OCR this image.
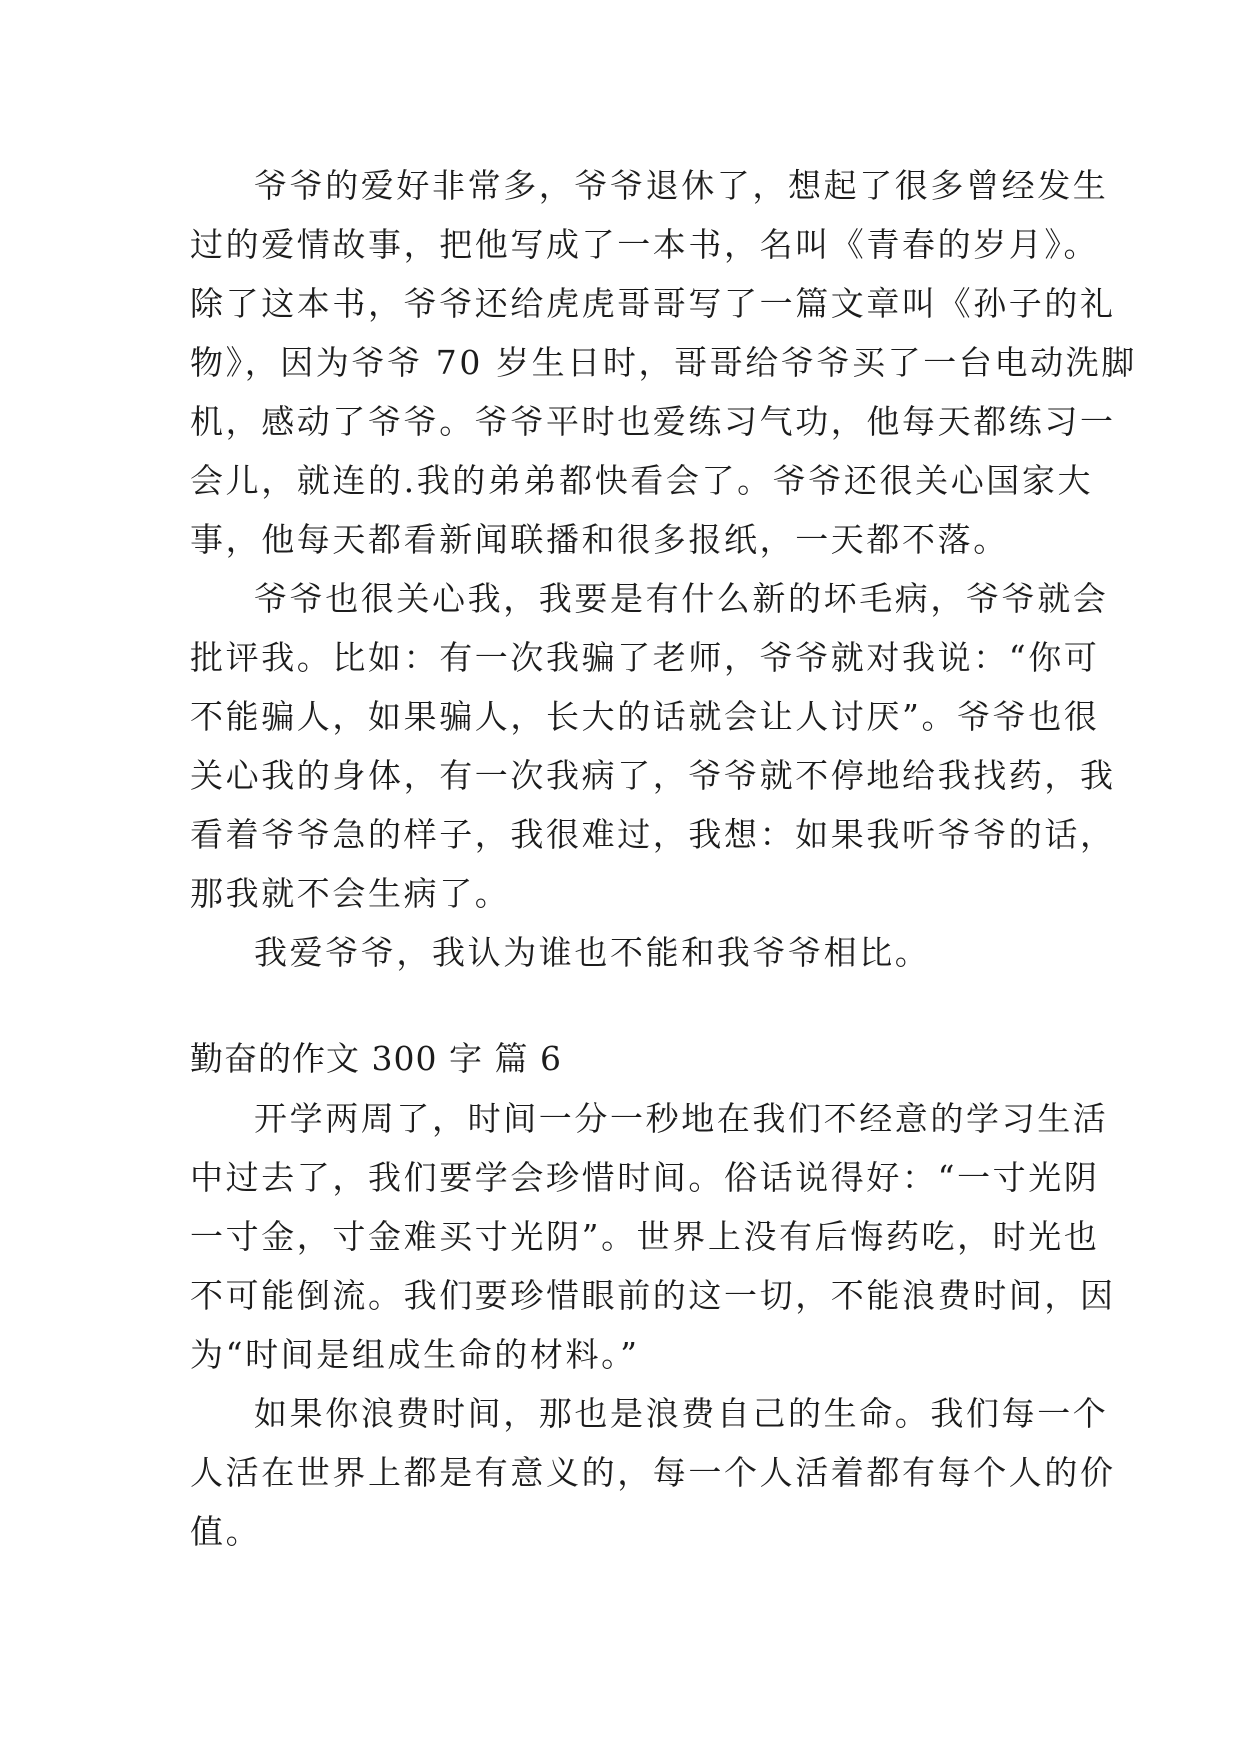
爷爷的爱好非常多，爷爷退休了，想起了很多曾经发生
过的爱情故事，把他写成了一本书，名叫《青春的岁月》。
除了这本书，爷爷还给虎虎哥哥写了一篇文章叫《孙子的礼
物》，因为爷爷 70 岁生日时，哥哥给爷爷买了一台电动洗脚
机，感动了爷爷。爷爷平时也爱练习气功，他每天都练习一
会儿，就连的.我的弟弟都快看会了。爷爷还很关心国家大
事，他每天都看新闻联播和很多报纸，一天都不落。
爷爷也很关心我，我要是有什么新的坏毛病，爷爷就会
批评我。比如：有一次我骗了老师，爷爷就对我说：“你可
不能骗人，如果骗人，长大的话就会让人讨厌”。爷爷也很
关心我的身体，有一次我病了，爷爷就不停地给我找药，我
看着爷爷急的样子，我很难过，我想：如果我听爷爷的话，
那我就不会生病了。
我爱爷爷，我认为谁也不能和我爷爷相比。
勤奋的作文 300 字 篇 6
开学两周了，时间一分一秒地在我们不经意的学习生活
中过去了，我们要学会珍惜时间。俗话说得好：“一寸光阴
一寸金，寸金难买寸光阴”。世界上没有后悔药吃，时光也
不可能倒流。我们要珍惜眼前的这一切，不能浪费时间，因
为“时间是组成生命的材料。”
如果你浪费时间，那也是浪费自己的生命。我们每一个
人活在世界上都是有意义的，每一个人活着都有每个人的价
值。
